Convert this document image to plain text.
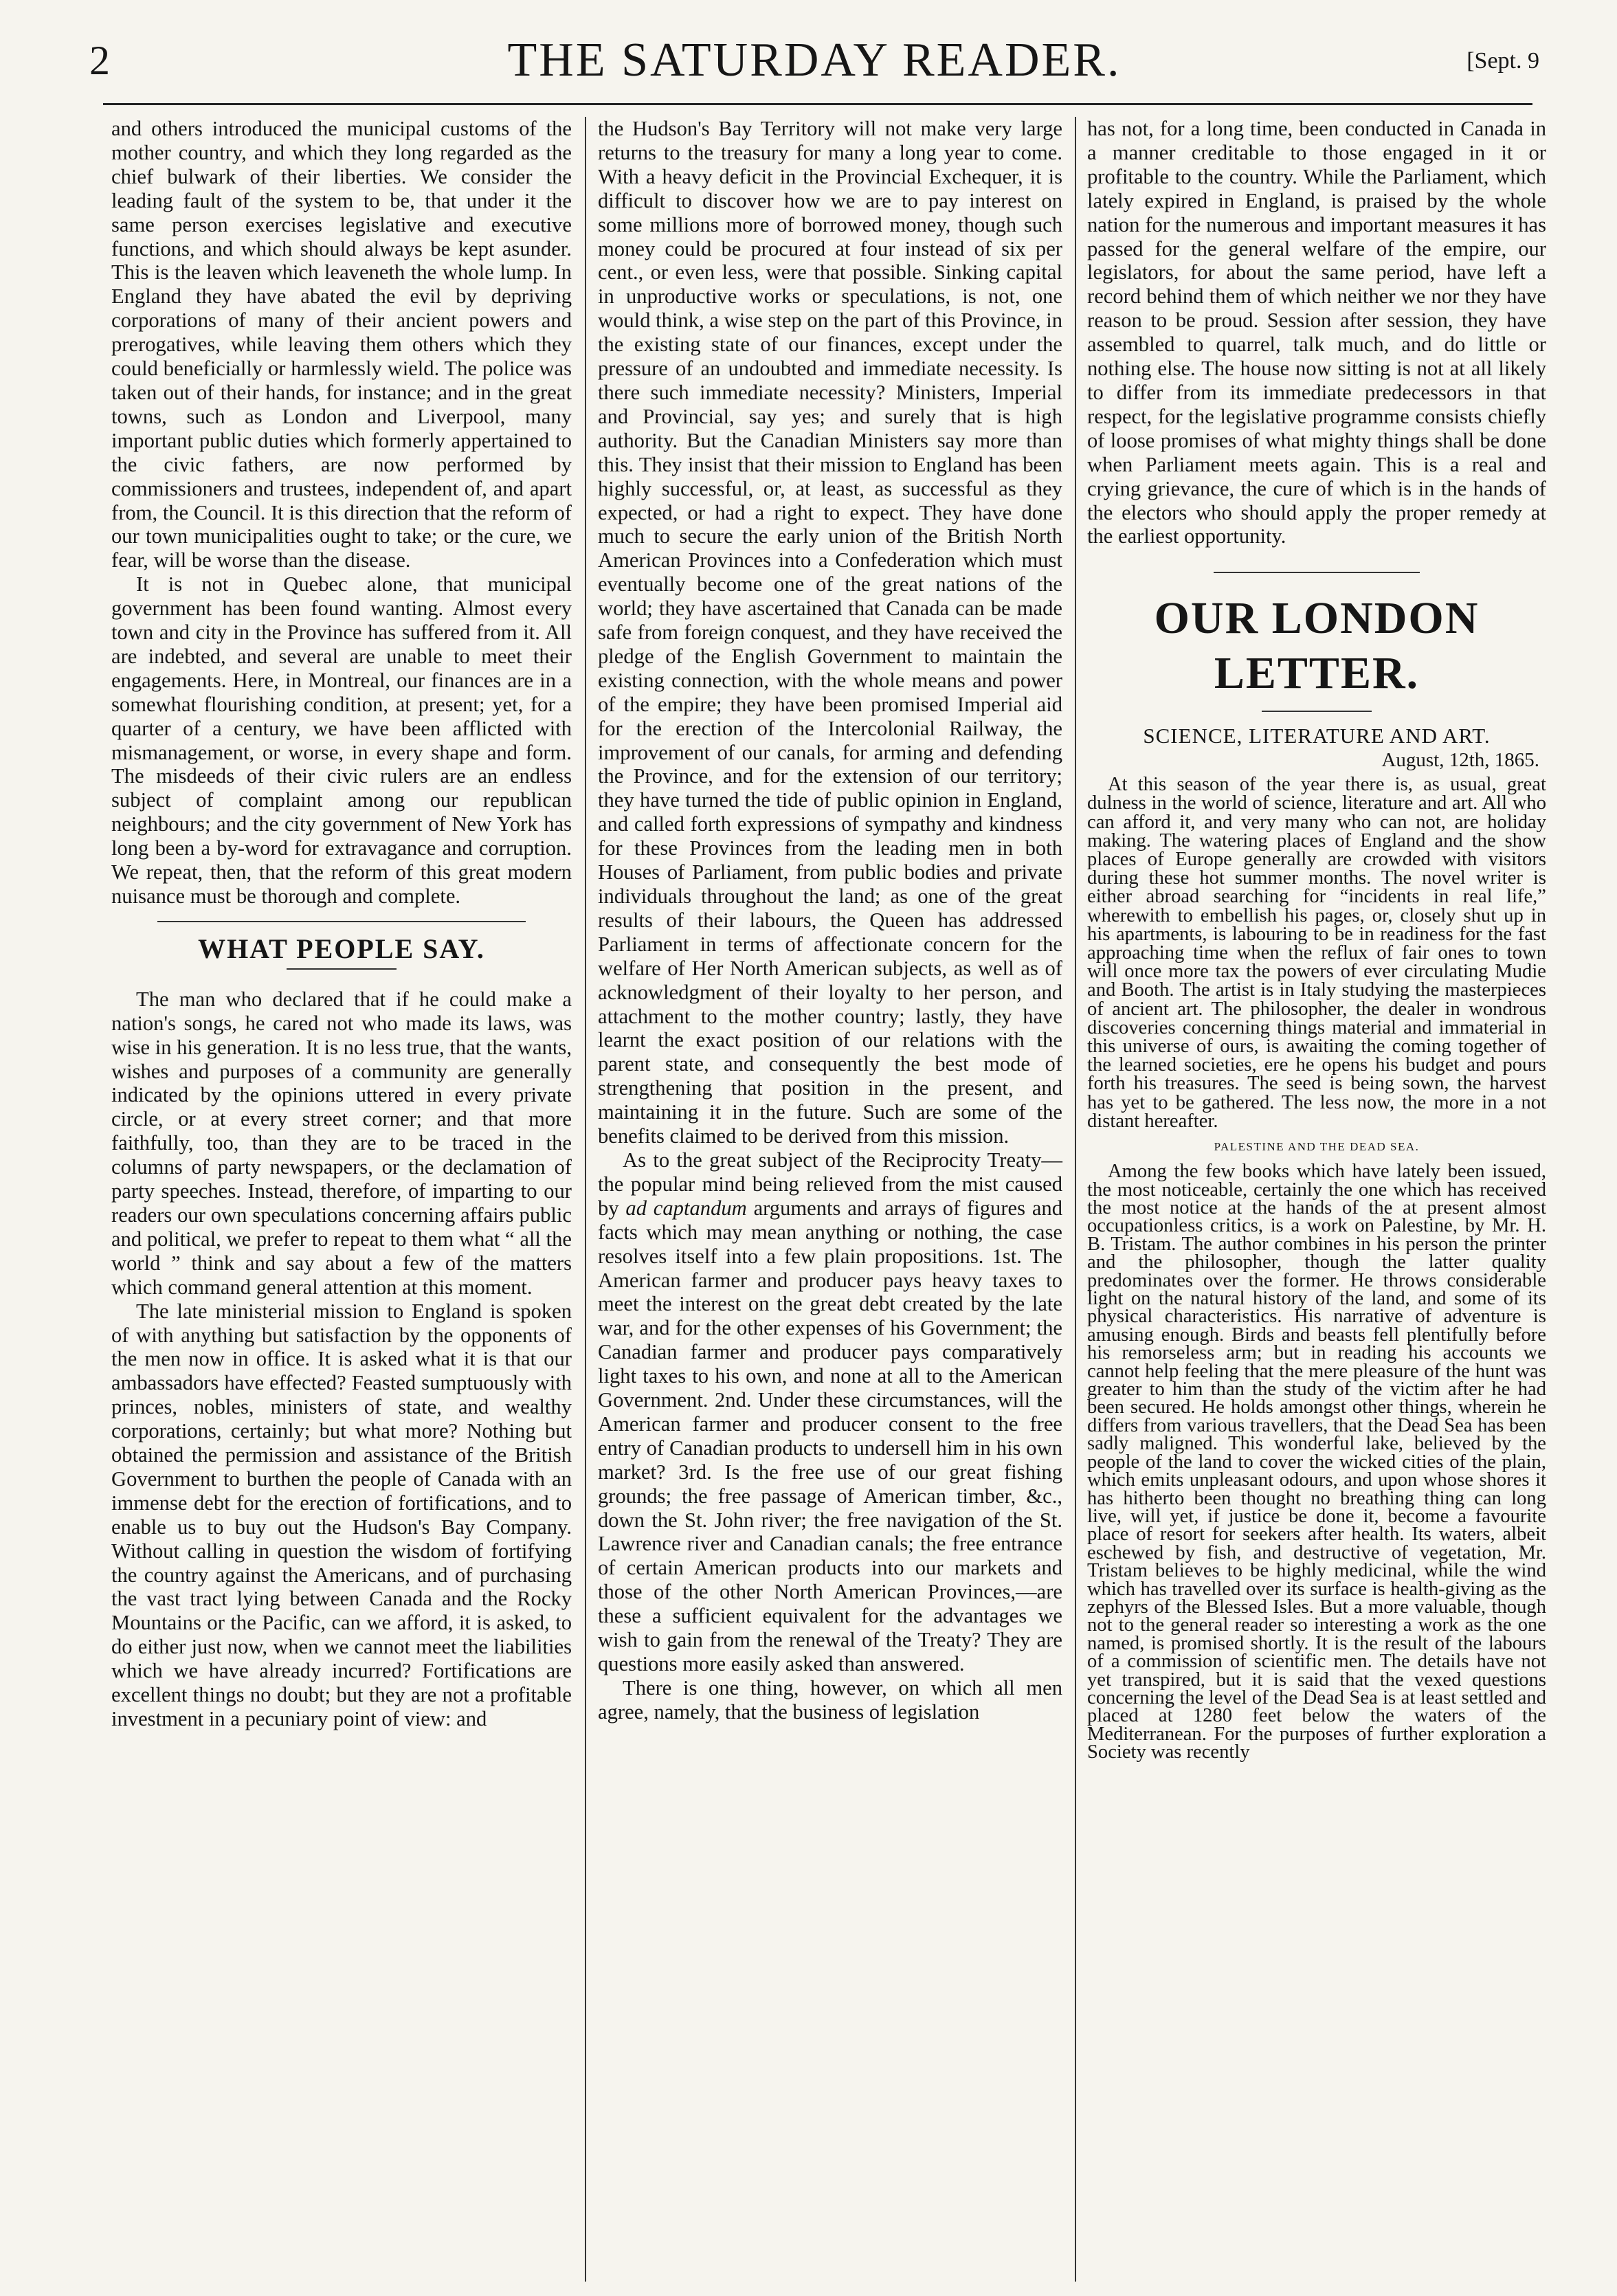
2	THE SATURDAY READER.	[Sept. 9

and others introduced the municipal customs of the mother country, and which they long regarded as the chief bulwark of their liberties. We consider the leading fault of the system to be, that under it the same person exercises legislative and executive functions, and which should always be kept asunder. This is the leaven which leaveneth the whole lump. In England they have abated the evil by depriving corporations of many of their ancient powers and prerogatives, while leaving them others which they could beneficially or harmlessly wield. The police was taken out of their hands, for instance; and in the great towns, such as London and Liverpool, many important public duties which formerly appertained to the civic fathers, are now performed by commissioners and trustees, independent of, and apart from, the Council. It is this direction that the reform of our town municipalities ought to take; or the cure, we fear, will be worse than the disease.

It is not in Quebec alone, that municipal government has been found wanting. Almost every town and city in the Province has suffered from it. All are indebted, and several are unable to meet their engagements. Here, in Montreal, our finances are in a somewhat flourishing condition, at present; yet, for a quarter of a century, we have been afflicted with mismanagement, or worse, in every shape and form. The misdeeds of their civic rulers are an endless subject of complaint among our republican neighbours; and the city government of New York has long been a by-word for extravagance and corruption. We repeat, then, that the reform of this great modern nuisance must be thorough and complete.

WHAT PEOPLE SAY.

The man who declared that if he could make a nation's songs, he cared not who made its laws, was wise in his generation. It is no less true, that the wants, wishes and purposes of a community are generally indicated by the opinions uttered in every private circle, or at every street corner; and that more faithfully, too, than they are to be traced in the columns of party newspapers, or the declamation of party speeches. Instead, therefore, of imparting to our readers our own speculations concerning affairs public and political, we prefer to repeat to them what “ all the world ” think and say about a few of the matters which command general attention at this moment.

The late ministerial mission to England is spoken of with anything but satisfaction by the opponents of the men now in office. It is asked what it is that our ambassadors have effected? Feasted sumptuously with princes, nobles, ministers of state, and wealthy corporations, certainly; but what more? Nothing but obtained the permission and assistance of the British Government to burthen the people of Canada with an immense debt for the erection of fortifications, and to enable us to buy out the Hudson's Bay Company. Without calling in question the wisdom of fortifying the country against the Americans, and of purchasing the vast tract lying between Canada and the Rocky Mountains or the Pacific, can we afford, it is asked, to do either just now, when we cannot meet the liabilities which we have already incurred? Fortifications are excellent things no doubt; but they are not a profitable investment in a pecuniary point of view: and

the Hudson's Bay Territory will not make very large returns to the treasury for many a long year to come. With a heavy deficit in the Provincial Exchequer, it is difficult to discover how we are to pay interest on some millions more of borrowed money, though such money could be procured at four instead of six per cent., or even less, were that possible. Sinking capital in unproductive works or speculations, is not, one would think, a wise step on the part of this Province, in the existing state of our finances, except under the pressure of an undoubted and immediate necessity. Is there such immediate necessity? Ministers, Imperial and Provincial, say yes; and surely that is high authority. But the Canadian Ministers say more than this. They insist that their mission to England has been highly successful, or, at least, as successful as they expected, or had a right to expect. They have done much to secure the early union of the British North American Provinces into a Confederation which must eventually become one of the great nations of the world; they have ascertained that Canada can be made safe from foreign conquest, and they have received the pledge of the English Government to maintain the existing connection, with the whole means and power of the empire; they have been promised Imperial aid for the erection of the Intercolonial Railway, the improvement of our canals, for arming and defending the Province, and for the extension of our territory; they have turned the tide of public opinion in England, and called forth expressions of sympathy and kindness for these Provinces from the leading men in both Houses of Parliament, from public bodies and private individuals throughout the land; as one of the great results of their labours, the Queen has addressed Parliament in terms of affectionate concern for the welfare of Her North American subjects, as well as of acknowledgment of their loyalty to her person, and attachment to the mother country; lastly, they have learnt the exact position of our relations with the parent state, and consequently the best mode of strengthening that position in the present, and maintaining it in the future. Such are some of the benefits claimed to be derived from this mission.

As to the great subject of the Reciprocity Treaty—the popular mind being relieved from the mist caused by ad captandum arguments and arrays of figures and facts which may mean anything or nothing, the case resolves itself into a few plain propositions. 1st. The American farmer and producer pays heavy taxes to meet the interest on the great debt created by the late war, and for the other expenses of his Government; the Canadian farmer and producer pays comparatively light taxes to his own, and none at all to the American Government. 2nd. Under these circumstances, will the American farmer and producer consent to the free entry of Canadian products to undersell him in his own market? 3rd. Is the free use of our great fishing grounds; the free passage of American timber, &c., down the St. John river; the free navigation of the St. Lawrence river and Canadian canals; the free entrance of certain American products into our markets and those of the other North American Provinces,—are these a sufficient equivalent for the advantages we wish to gain from the renewal of the Treaty? They are questions more easily asked than answered.

There is one thing, however, on which all men agree, namely, that the business of legislation

has not, for a long time, been conducted in Canada in a manner creditable to those engaged in it or profitable to the country. While the Parliament, which lately expired in England, is praised by the whole nation for the numerous and important measures it has passed for the general welfare of the empire, our legislators, for about the same period, have left a record behind them of which neither we nor they have reason to be proud. Session after session, they have assembled to quarrel, talk much, and do little or nothing else. The house now sitting is not at all likely to differ from its immediate predecessors in that respect, for the legislative programme consists chiefly of loose promises of what mighty things shall be done when Parliament meets again. This is a real and crying grievance, the cure of which is in the hands of the electors who should apply the proper remedy at the earliest opportunity.

OUR LONDON LETTER.
SCIENCE, LITERATURE AND ART.
August, 12th, 1865.

At this season of the year there is, as usual, great dulness in the world of science, literature and art. All who can afford it, and very many who can not, are holiday making. The watering places of England and the show places of Europe generally are crowded with visitors during these hot summer months. The novel writer is either abroad searching for “incidents in real life,” wherewith to embellish his pages, or, closely shut up in his apartments, is labouring to be in readiness for the fast approaching time when the reflux of fair ones to town will once more tax the powers of ever circulating Mudie and Booth. The artist is in Italy studying the masterpieces of ancient art. The philosopher, the dealer in wondrous discoveries concerning things material and immaterial in this universe of ours, is awaiting the coming together of the learned societies, ere he opens his budget and pours forth his treasures. The seed is being sown, the harvest has yet to be gathered. The less now, the more in a not distant hereafter.

PALESTINE AND THE DEAD SEA.

Among the few books which have lately been issued, the most noticeable, certainly the one which has received the most notice at the hands of the at present almost occupationless critics, is a work on Palestine, by Mr. H. B. Tristam. The author combines in his person the printer and the philosopher, though the latter quality predominates over the former. He throws considerable light on the natural history of the land, and some of its physical characteristics. His narrative of adventure is amusing enough. Birds and beasts fell plentifully before his remorseless arm; but in reading his accounts we cannot help feeling that the mere pleasure of the hunt was greater to him than the study of the victim after he had been secured. He holds amongst other things, wherein he differs from various travellers, that the Dead Sea has been sadly maligned. This wonderful lake, believed by the people of the land to cover the wicked cities of the plain, which emits unpleasant odours, and upon whose shores it has hitherto been thought no breathing thing can long live, will yet, if justice be done it, become a favourite place of resort for seekers after health. Its waters, albeit eschewed by fish, and destructive of vegetation, Mr. Tristam believes to be highly medicinal, while the wind which has travelled over its surface is health-giving as the zephyrs of the Blessed Isles. But a more valuable, though not to the general reader so interesting a work as the one named, is promised shortly. It is the result of the labours of a commission of scientific men. The details have not yet transpired, but it is said that the vexed questions concerning the level of the Dead Sea is at least settled and placed at 1280 feet below the waters of the Mediterranean. For the purposes of further exploration a Society was recently
